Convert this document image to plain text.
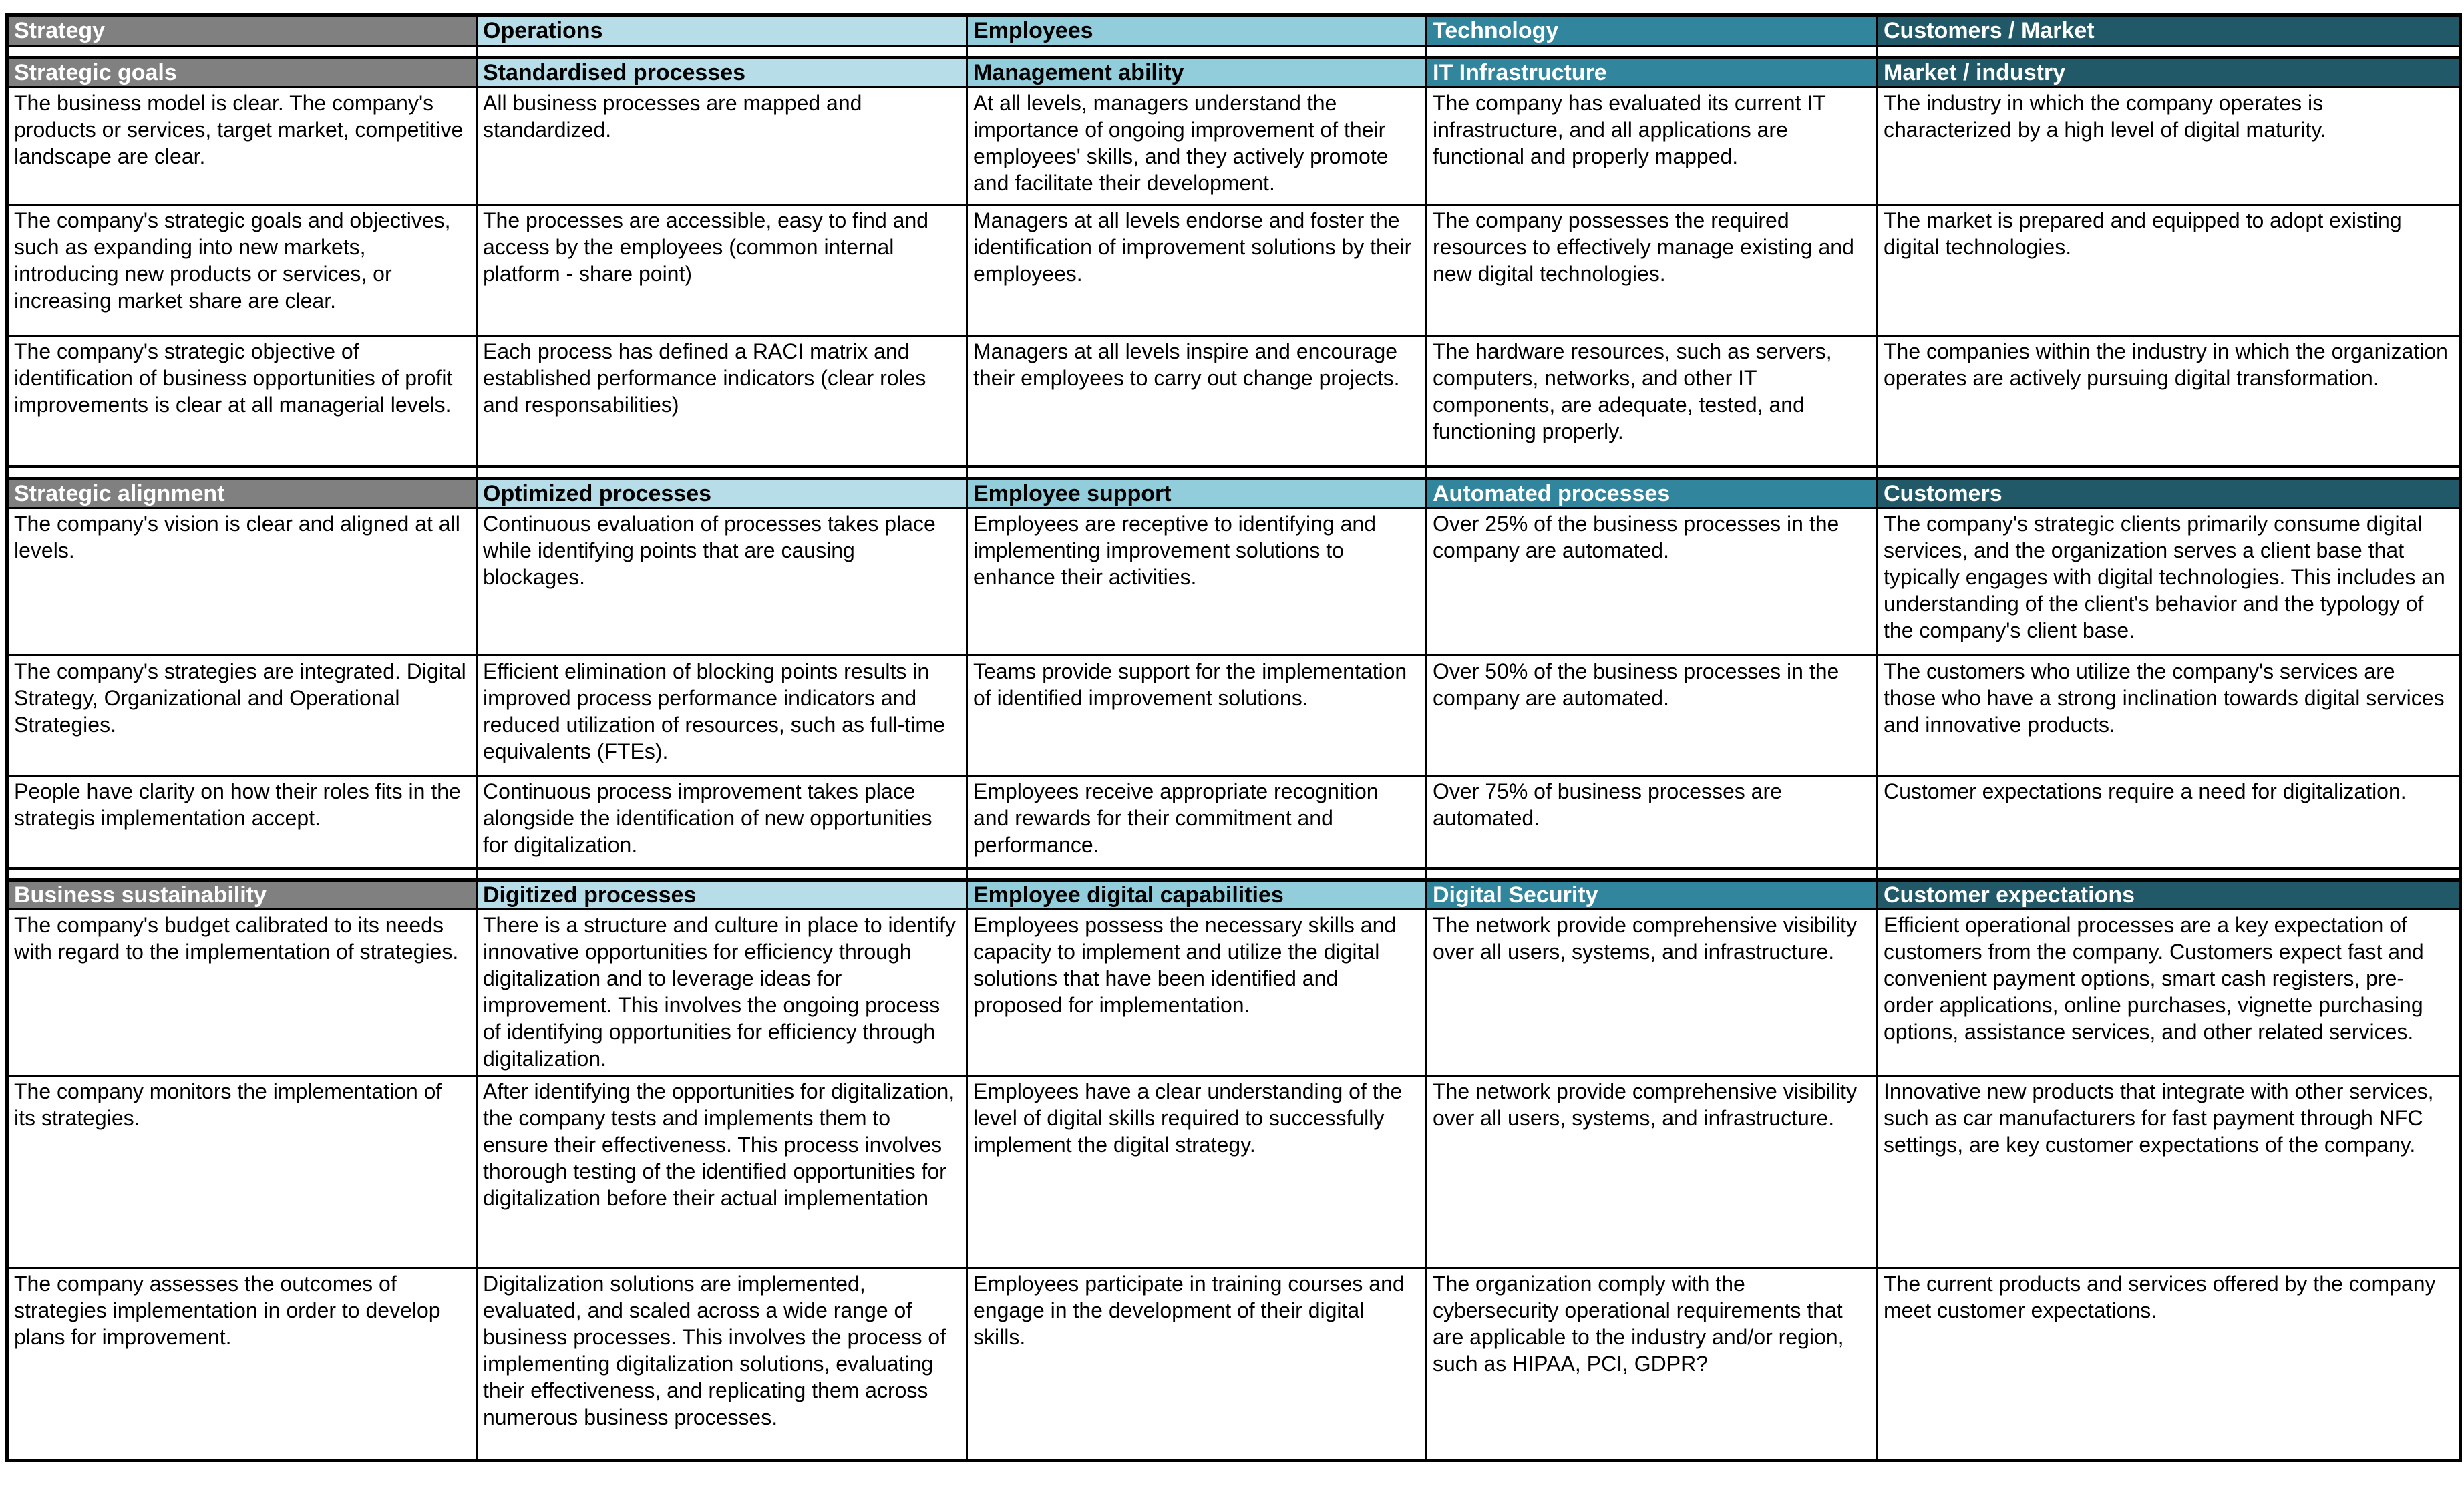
Strategy	Operations	Employees	Technology	Customers / Market

Strategic goals	Standardised processes	Management ability	IT Infrastructure	Market / industry
The business model is clear. The company's products or services, target market, competitive landscape are clear.	All business processes are mapped and standardized.	At all levels, managers understand the importance of ongoing improvement of their employees' skills, and they actively promote and facilitate their development.	The company has evaluated its current IT infrastructure, and all applications are functional and properly mapped.	The industry in which the company operates is characterized by a high level of digital maturity.
The company's strategic goals and objectives, such as expanding into new markets, introducing new products or services, or increasing market share are clear.	The processes are accessible, easy to find and access by the employees (common internal platform - share point)	Managers at all levels endorse and foster the identification of improvement solutions by their employees.	The company possesses the required resources to effectively manage existing and new digital technologies.	The market is prepared and equipped to adopt existing digital technologies.
The company's strategic objective of identification of business opportunities of profit improvements is clear at all managerial levels.	Each process has defined a RACI matrix and established performance indicators (clear roles and responsabilities)	Managers at all levels inspire and encourage their employees to carry out change projects.	The hardware resources, such as servers, computers, networks, and other IT components, are adequate, tested, and functioning properly.	The companies within the industry in which the organization operates are actively pursuing digital transformation.

Strategic alignment	Optimized processes	Employee support	Automated processes	Customers
The company's vision is clear and aligned at all levels.	Continuous evaluation of processes takes place while identifying points that are causing blockages.	Employees are receptive to identifying and implementing improvement solutions to enhance their activities.	Over 25% of the business processes in the company are automated.	The company's strategic clients primarily consume digital services, and the organization serves a client base that typically engages with digital technologies. This includes an understanding of the client's behavior and the typology of the company's client base.
The company's strategies are integrated. Digital Strategy, Organizational and Operational Strategies.	Efficient elimination of blocking points results in improved process performance indicators and reduced utilization of resources, such as full-time equivalents (FTEs).	Teams provide support for the implementation of identified improvement solutions.	Over 50% of the business processes in the company are automated.	The customers who utilize the company's services are those who have a strong inclination towards digital services and innovative products.
People have clarity on how their roles fits in the strategis implementation accept.	Continuous process improvement takes place alongside the identification of new opportunities for digitalization.	Employees receive appropriate recognition and rewards for their commitment and performance.	Over 75% of business processes are automated.	Customer expectations require a need for digitalization.

Business sustainability	Digitized processes	Employee digital capabilities	Digital Security	Customer expectations
The company's budget calibrated to its needs with regard to the implementation of strategies.	There is a structure and culture in place to identify innovative opportunities for efficiency through digitalization and to leverage ideas for improvement. This involves the ongoing process of identifying opportunities for efficiency through digitalization.	Employees possess the necessary skills and capacity to implement and utilize the digital solutions that have been identified and proposed for implementation.	The network provide comprehensive visibility over all users, systems, and infrastructure.	Efficient operational processes are a key expectation of customers from the company. Customers expect fast and convenient payment options, smart cash registers, pre-order applications, online purchases, vignette purchasing options, assistance services, and other related services.
The company monitors the implementation of its strategies.	After identifying the opportunities for digitalization, the company tests and implements them to ensure their effectiveness. This process involves thorough testing of the identified opportunities for digitalization before their actual implementation	Employees have a clear understanding of the level of digital skills required to successfully implement the digital strategy.	The network provide comprehensive visibility over all users, systems, and infrastructure.	Innovative new products that integrate with other services, such as car manufacturers for fast payment through NFC settings, are key customer expectations of the company.
The company assesses the outcomes of strategies implementation in order to develop plans for improvement.	Digitalization solutions are implemented, evaluated, and scaled across a wide range of business processes. This involves the process of implementing digitalization solutions, evaluating their effectiveness, and replicating them across numerous business processes.	Employees participate in training courses and engage in the development of their digital skills.	The organization comply with the cybersecurity operational requirements that are applicable to the industry and/or region, such as HIPAA, PCI, GDPR?	The current products and services offered by the company meet customer expectations.
